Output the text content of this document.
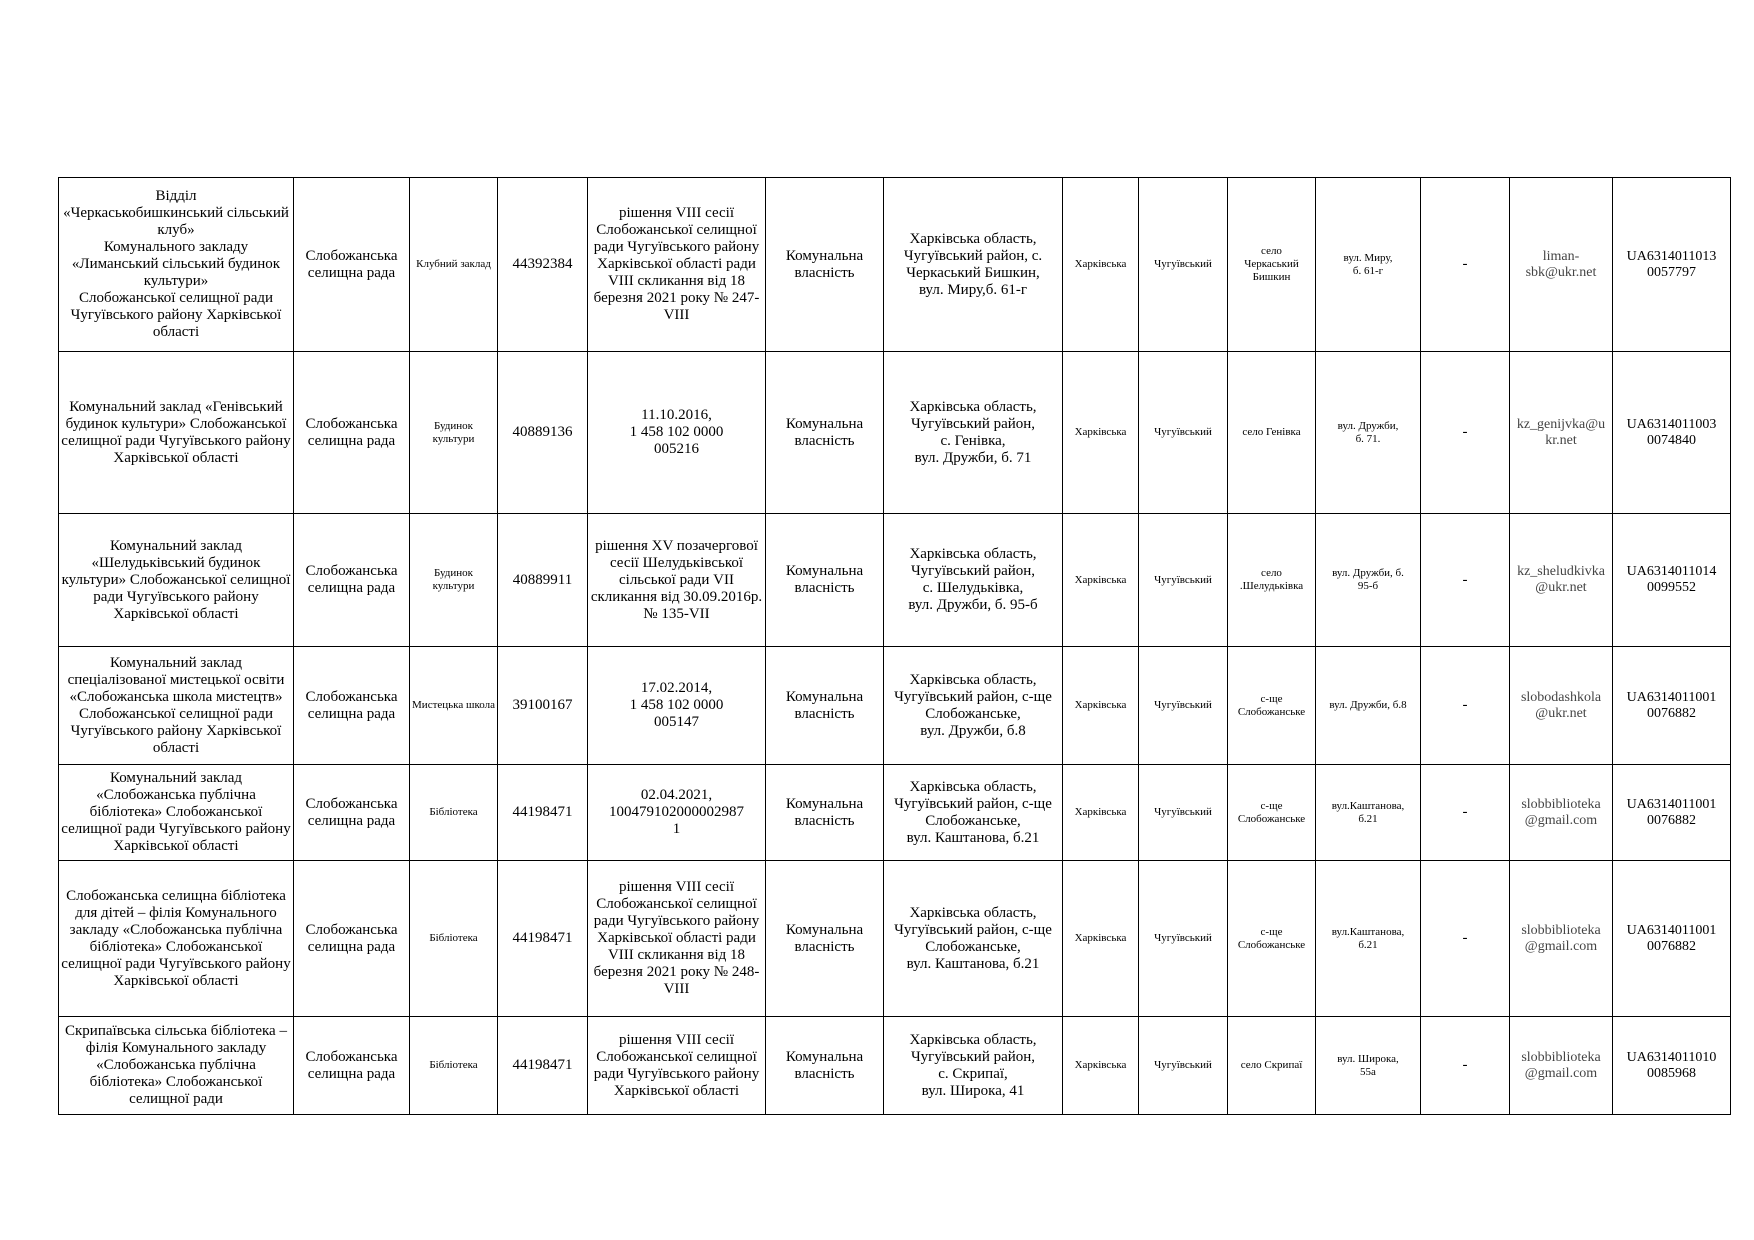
Відділ
«Черкаськобишкинський сільський клуб»
Комунального закладу «Лиманський сільський будинок культури»
Слобожанської селищної ради Чугуївського району Харківської області	Слобожанська селищна рада	Клубний заклад	44392384	рішення VIII сесії Слобожанської селищної ради Чугуївського району Харківської області ради VIII скликання від 18 березня 2021 року № 247-VIII	Комунальна власність	Харківська область, Чугуївський район, с. Черкаський Бишкин,
вул. Миру,б. 61-г	Харківська	Чугуївський	село
Черкаський
Бишкин	вул. Миру,
б. 61-г	-	liman-
sbk@ukr.net	UA6314011013
0057797
Комунальний заклад «Генівський будинок культури» Слобожанської селищної ради Чугуївського району Харківської області	Слобожанська селищна рада	Будинок культури	40889136	11.10.2016,
1 458 102 0000
005216	Комунальна власність	Харківська область, Чугуївський район,
с. Генівка,
вул. Дружби, б. 71	Харківська	Чугуївський	село Генівка	вул. Дружби,
б. 71.	-	kz_genijvka@u
kr.net	UA6314011003
0074840
Комунальний заклад «Шелудьківський будинок культури» Слобожанської селищної ради Чугуївського району Харківської області	Слобожанська селищна рада	Будинок культури	40889911	рішення XV позачергової сесії Шелудьківської сільської ради VII скликання від 30.09.2016р. № 135-VII	Комунальна власність	Харківська область, Чугуївський район,
с. Шелудьківка,
вул. Дружби, б. 95-б	Харківська	Чугуївський	село
.Шелудьківка	вул. Дружби, б.
95-б	-	kz_sheludkivka
@ukr.net	UA6314011014
0099552
Комунальний заклад спеціалізованої мистецької освіти «Слобожанська школа мистецтв» Слобожанської селищної ради Чугуївського району Харківської області	Слобожанська селищна рада	Мистецька школа	39100167	17.02.2014,
1 458 102 0000
005147	Комунальна власність	Харківська область, Чугуївський район, с-ще Слобожанське,
вул. Дружби, б.8	Харківська	Чугуївський	с-ще
Слобожанське	вул. Дружби, б.8	-	slobodashkola
@ukr.net	UA6314011001
0076882
Комунальний заклад «Слобожанська публічна бібліотека» Слобожанської селищної ради Чугуївського району Харківської області	Слобожанська селищна рада	Бібліотека	44198471	02.04.2021,
100479102000002987
1	Комунальна власність	Харківська область, Чугуївський район, с-ще Слобожанське,
вул. Каштанова, б.21	Харківська	Чугуївський	с-ще
Слобожанське	вул.Каштанова,
б.21	-	slobbiblioteka
@gmail.com	UA6314011001
0076882
Слобожанська селищна бібліотека для дітей – філія Комунального закладу «Слобожанська публічна бібліотека» Слобожанської селищної ради Чугуївського району Харківської області	Слобожанська селищна рада	Бібліотека	44198471	рішення VIII сесії Слобожанської селищної ради Чугуївського району Харківської області ради VIII скликання від 18 березня 2021 року № 248-VIII	Комунальна власність	Харківська область, Чугуївський район, с-ще Слобожанське,
вул. Каштанова, б.21	Харківська	Чугуївський	с-ще
Слобожанське	вул.Каштанова,
б.21	-	slobbiblioteka
@gmail.com	UA6314011001
0076882
Скрипаївська сільська бібліотека – філія Комунального закладу «Слобожанська публічна бібліотека» Слобожанської селищної ради	Слобожанська селищна рада	Бібліотека	44198471	рішення VIII сесії Слобожанської селищної ради Чугуївського району Харківської області	Комунальна власність	Харківська область, Чугуївський район,
с. Скрипаї,
вул. Широка, 41	Харківська	Чугуївський	село Скрипаї	вул. Широка,
55а	-	slobbiblioteka
@gmail.com	UA6314011010
0085968
